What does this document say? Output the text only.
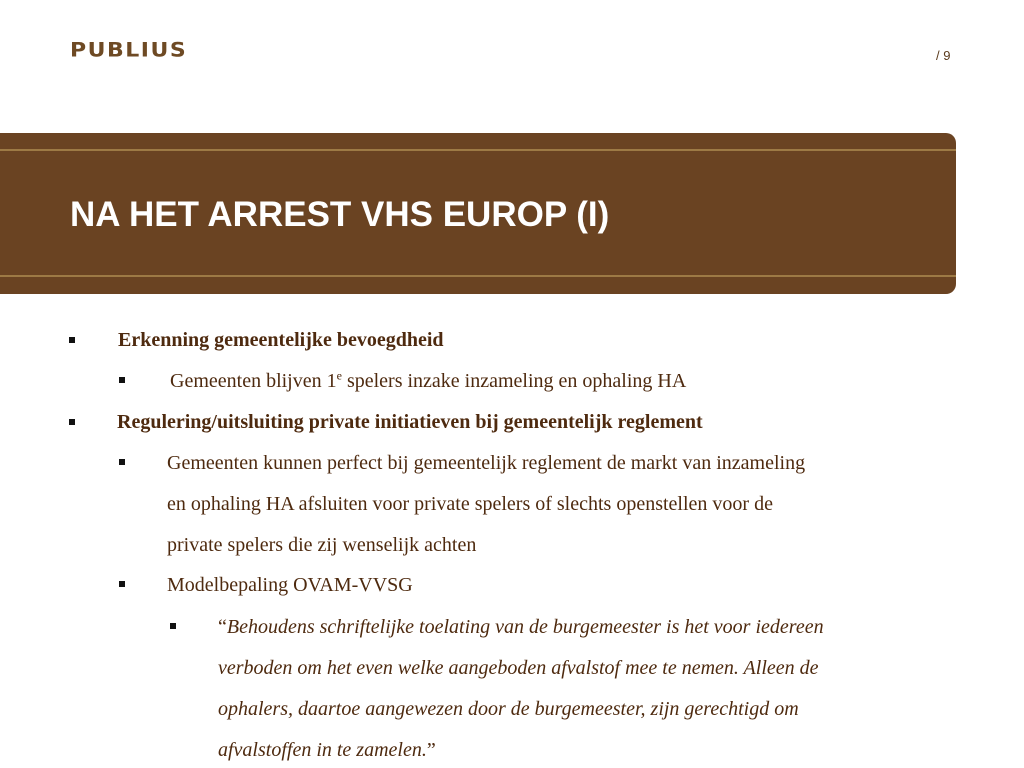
PUBLIUS	/ 9
NA HET ARREST VHS EUROP (I)
Erkenning gemeentelijke bevoegdheid
Gemeenten blijven 1e spelers inzake inzameling en ophaling HA
Regulering/uitsluiting private initiatieven bij gemeentelijk reglement
Gemeenten kunnen perfect bij gemeentelijk reglement de markt van inzameling
en ophaling HA afsluiten voor private spelers of slechts openstellen voor de
private spelers die zij wenselijk achten
Modelbepaling OVAM-VVSG
“Behoudens schriftelijke toelating van de burgemeester is het voor iedereen
verboden om het even welke aangeboden afvalstof mee te nemen. Alleen de
ophalers, daartoe aangewezen door de burgemeester, zijn gerechtigd om
afvalstoffen in te zamelen.”
